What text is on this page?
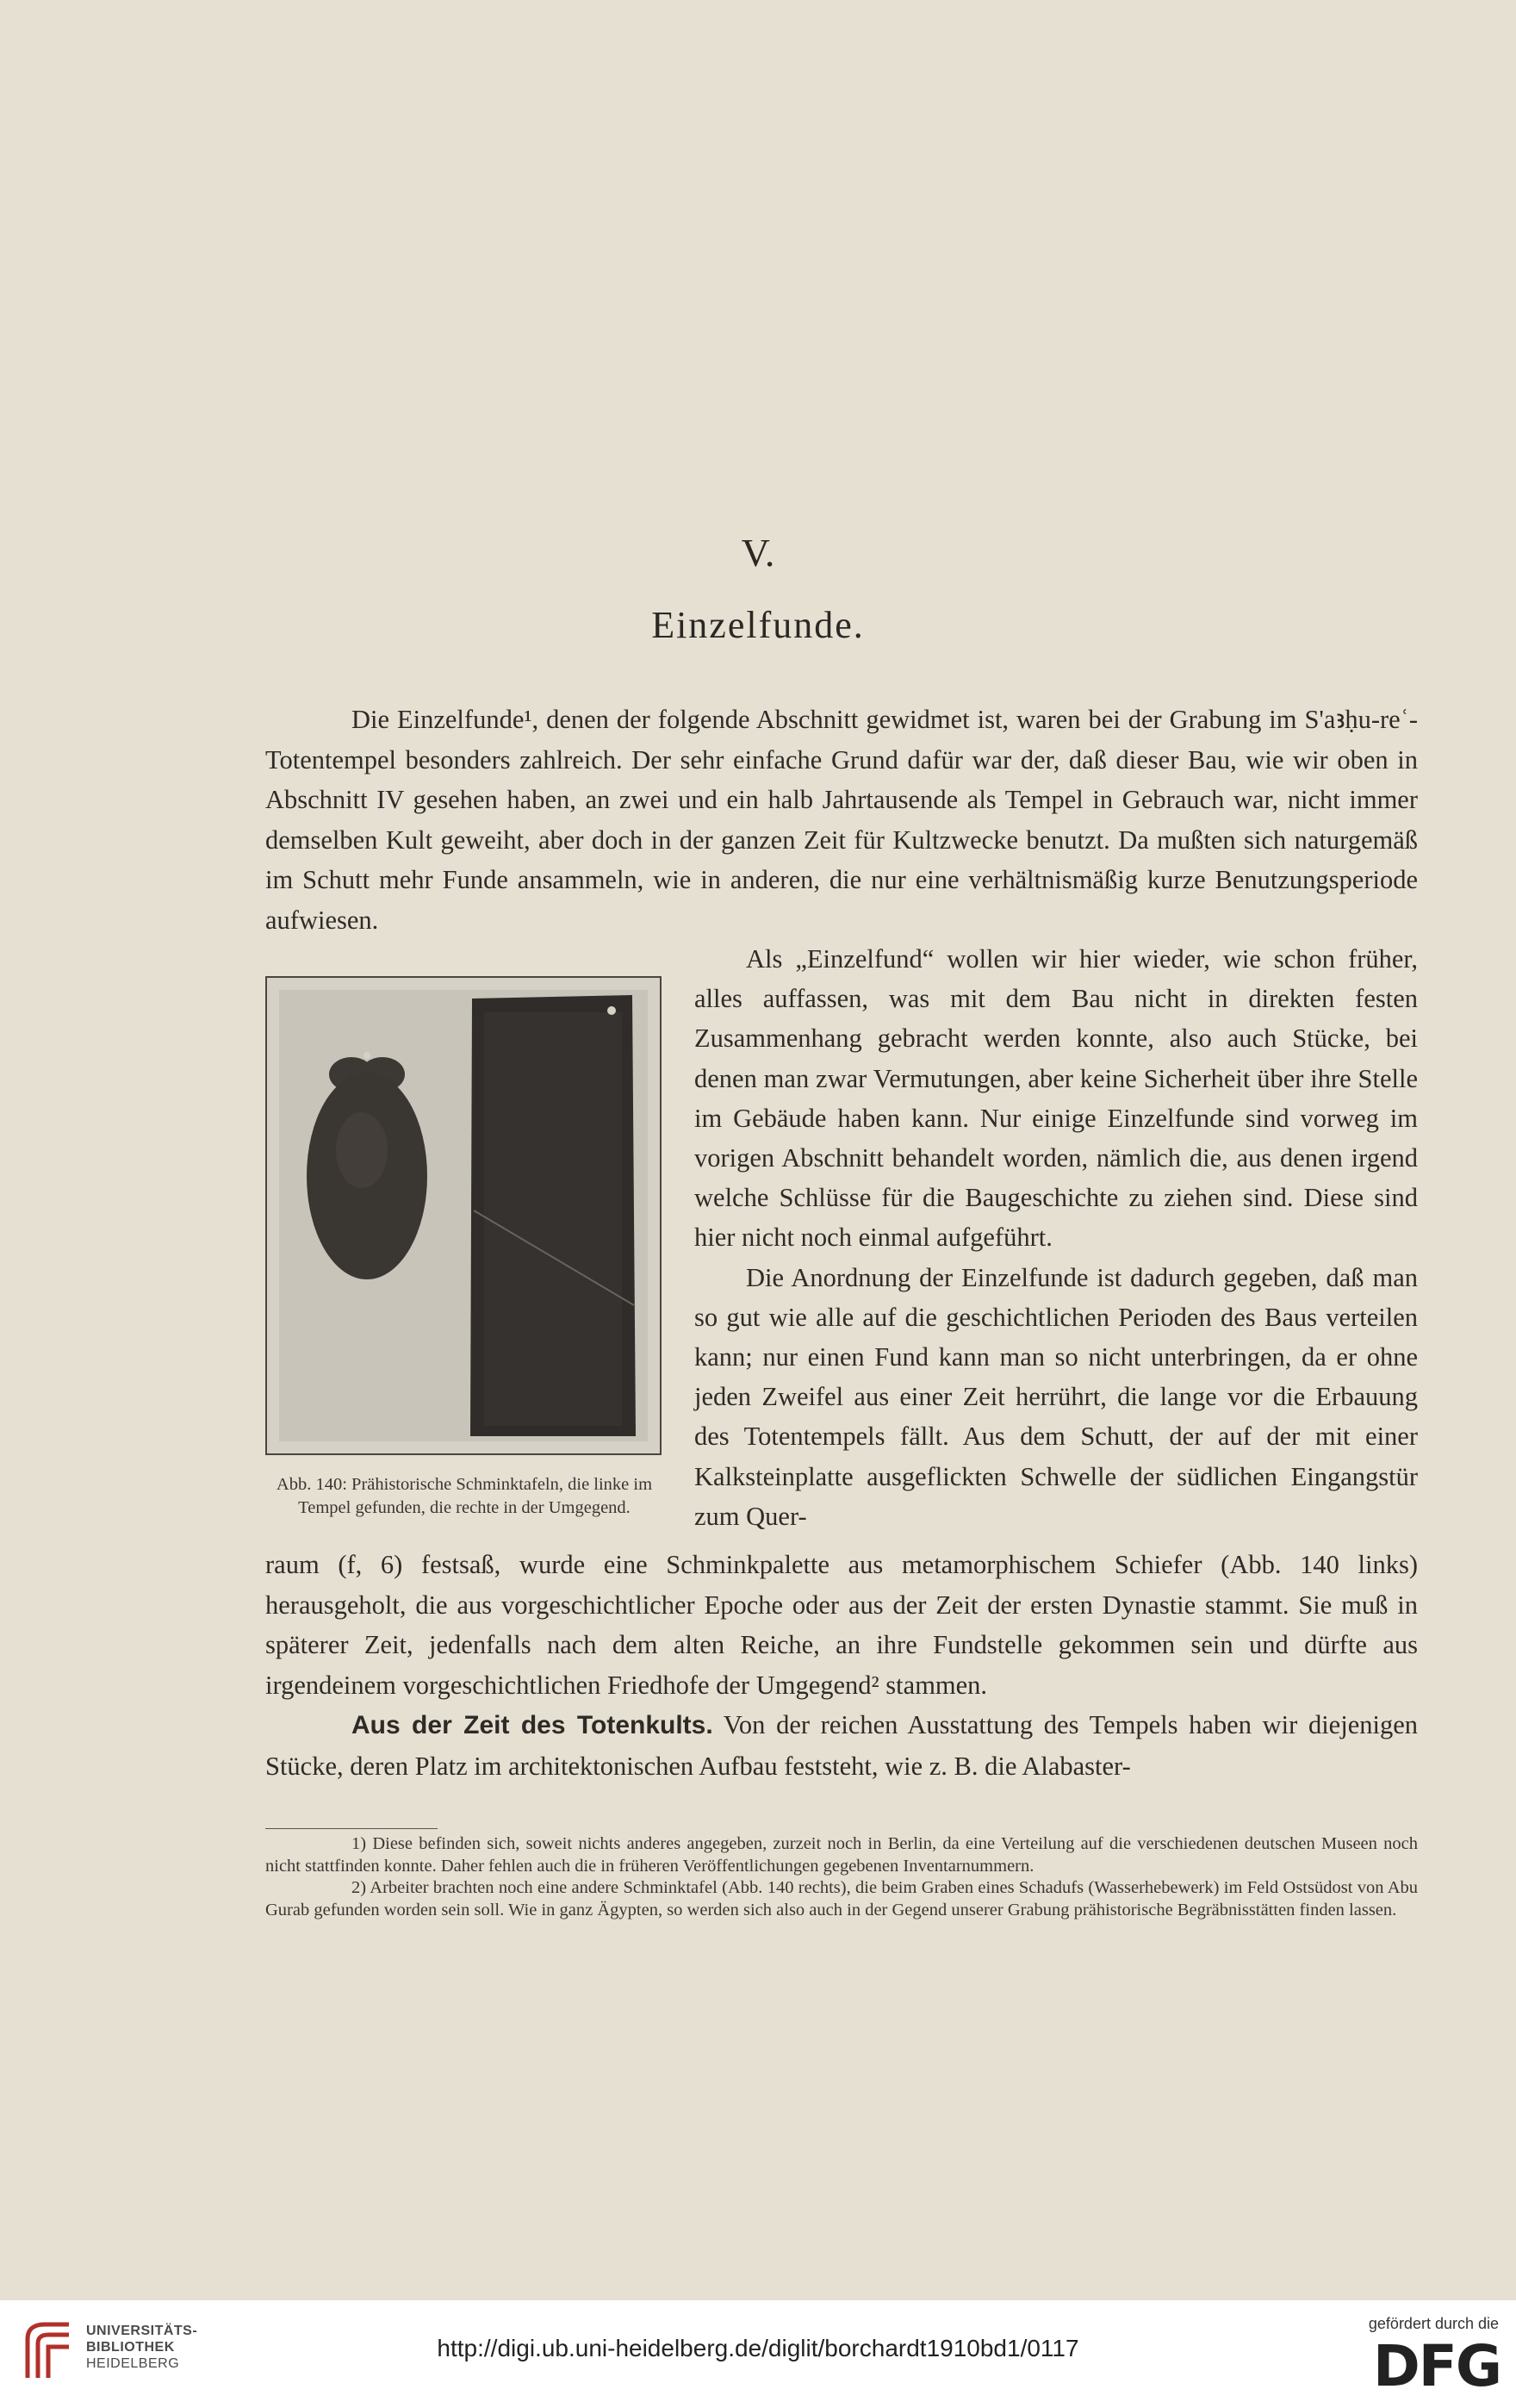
V.
Einzelfunde.

Die Einzelfunde¹, denen der folgende Abschnitt gewidmet ist, waren bei der Grabung im S'aꜣḥu-reʿ-Totentempel besonders zahlreich. Der sehr einfache Grund dafür war der, daß dieser Bau, wie wir oben in Abschnitt IV gesehen haben, an zwei und ein halb Jahrtausende als Tempel in Gebrauch war, nicht immer demselben Kult geweiht, aber doch in der ganzen Zeit für Kultzwecke benutzt. Da mußten sich naturgemäß im Schutt mehr Funde ansammeln, wie in anderen, die nur eine verhältnismäßig kurze Benutzungsperiode aufwiesen.

Abb. 140: Prähistorische Schminktafeln, die linke im Tempel gefunden, die rechte in der Umgegend.

Als „Einzelfund“ wollen wir hier wieder, wie schon früher, alles auffassen, was mit dem Bau nicht in direkten festen Zusammenhang gebracht werden konnte, also auch Stücke, bei denen man zwar Vermutungen, aber keine Sicherheit über ihre Stelle im Gebäude haben kann. Nur einige Einzelfunde sind vorweg im vorigen Abschnitt behandelt worden, nämlich die, aus denen irgend welche Schlüsse für die Baugeschichte zu ziehen sind. Diese sind hier nicht noch einmal aufgeführt.

Die Anordnung der Einzelfunde ist dadurch gegeben, daß man so gut wie alle auf die geschichtlichen Perioden des Baus verteilen kann; nur einen Fund kann man so nicht unterbringen, da er ohne jeden Zweifel aus einer Zeit herrührt, die lange vor die Erbauung des Totentempels fällt. Aus dem Schutt, der auf der mit einer Kalksteinplatte ausgeflickten Schwelle der südlichen Eingangstür zum Quer-

raum (f, 6) festsaß, wurde eine Schminkpalette aus metamorphischem Schiefer (Abb. 140 links) herausgeholt, die aus vorgeschichtlicher Epoche oder aus der Zeit der ersten Dynastie stammt. Sie muß in späterer Zeit, jedenfalls nach dem alten Reiche, an ihre Fundstelle gekommen sein und dürfte aus irgendeinem vorgeschichtlichen Friedhofe der Umgegend² stammen.

Aus der Zeit des Totenkults. Von der reichen Ausstattung des Tempels haben wir diejenigen Stücke, deren Platz im architektonischen Aufbau feststeht, wie z. B. die Alabaster-

1) Diese befinden sich, soweit nichts anderes angegeben, zurzeit noch in Berlin, da eine Verteilung auf die verschiedenen deutschen Museen noch nicht stattfinden konnte. Daher fehlen auch die in früheren Veröffentlichungen gegebenen Inventarnummern.

2) Arbeiter brachten noch eine andere Schminktafel (Abb. 140 rechts), die beim Graben eines Schadufs (Wasserhebewerk) im Feld Ostsüdost von Abu Gurab gefunden worden sein soll. Wie in ganz Ägypten, so werden sich also auch in der Gegend unserer Grabung prähistorische Begräbnisstätten finden lassen.

UNIVERSITÄTS-
BIBLIOTHEK
HEIDELBERG
http://digi.ub.uni-heidelberg.de/diglit/borchardt1910bd1/0117
gefördert durch die
DFG
